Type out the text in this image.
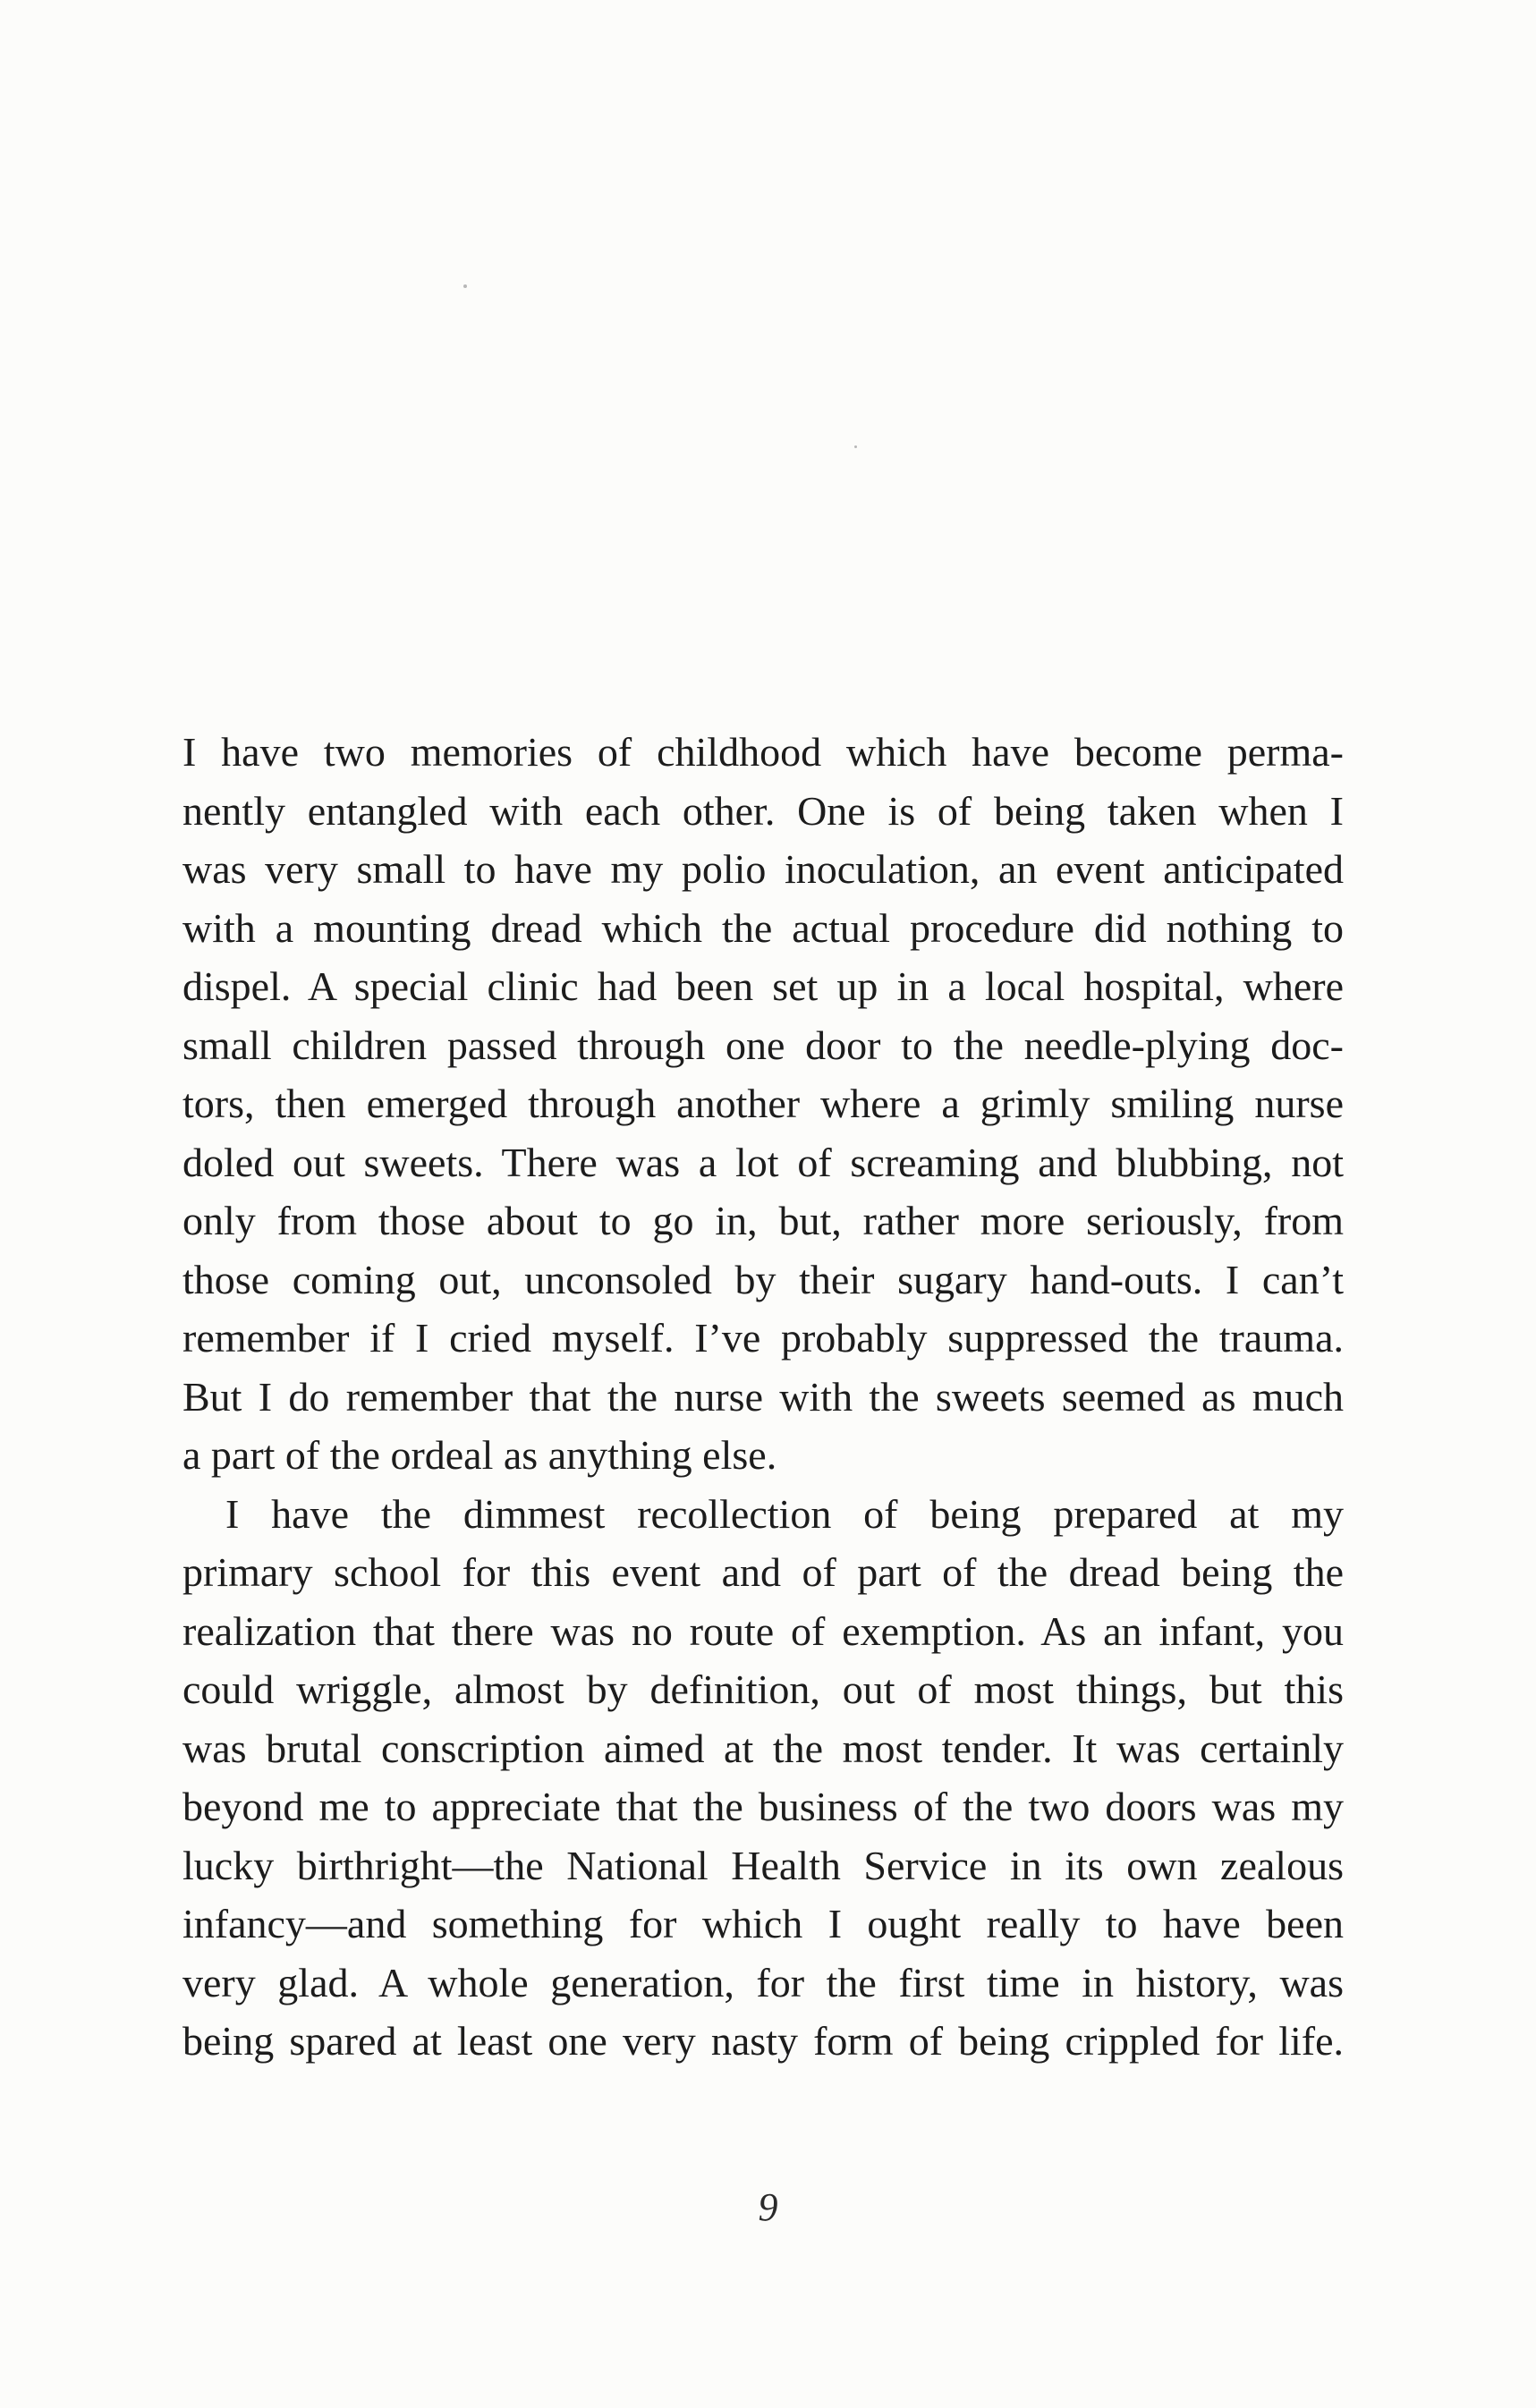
I have two memories of childhood which have become perma-
nently entangled with each other. One is of being taken when I
was very small to have my polio inoculation, an event anticipated
with a mounting dread which the actual procedure did nothing to
dispel. A special clinic had been set up in a local hospital, where
small children passed through one door to the needle-plying doc-
tors, then emerged through another where a grimly smiling nurse
doled out sweets. There was a lot of screaming and blubbing, not
only from those about to go in, but, rather more seriously, from
those coming out, unconsoled by their sugary hand-outs. I can’t
remember if I cried myself. I’ve probably suppressed the trauma.
But I do remember that the nurse with the sweets seemed as much
a part of the ordeal as anything else.
I have the dimmest recollection of being prepared at my
primary school for this event and of part of the dread being the
realization that there was no route of exemption. As an infant, you
could wriggle, almost by definition, out of most things, but this
was brutal conscription aimed at the most tender. It was certainly
beyond me to appreciate that the business of the two doors was my
lucky birthright—the National Health Service in its own zealous
infancy—and something for which I ought really to have been
very glad. A whole generation, for the first time in history, was
being spared at least one very nasty form of being crippled for life.
9
